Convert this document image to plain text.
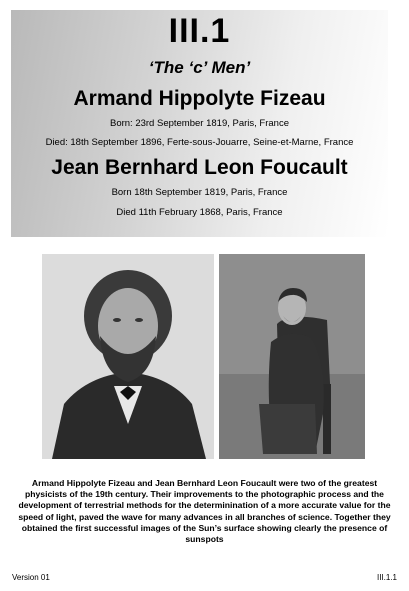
III.1
‘The ‘c’ Men’
Armand Hippolyte Fizeau
Born: 23rd September 1819, Paris, France
Died: 18th September 1896, Ferte-sous-Jouarre, Seine-et-Marne, France
Jean Bernhard Leon Foucault
Born 18th September 1819, Paris, France
Died 11th February 1868, Paris, France
Armand Hippolyte Fizeau and Jean Bernhard Leon Foucault were two of the greatest physicists of the 19th century. Their improvements to the photographic process and the development of terrestrial methods for the determinination of a more accurate value for the speed of light, paved the wave for many advances in all branches of science. Together they obtained the first successful images of the Sun’s surface showing clearly the presence of sunspots
Version 01	III.1.1
